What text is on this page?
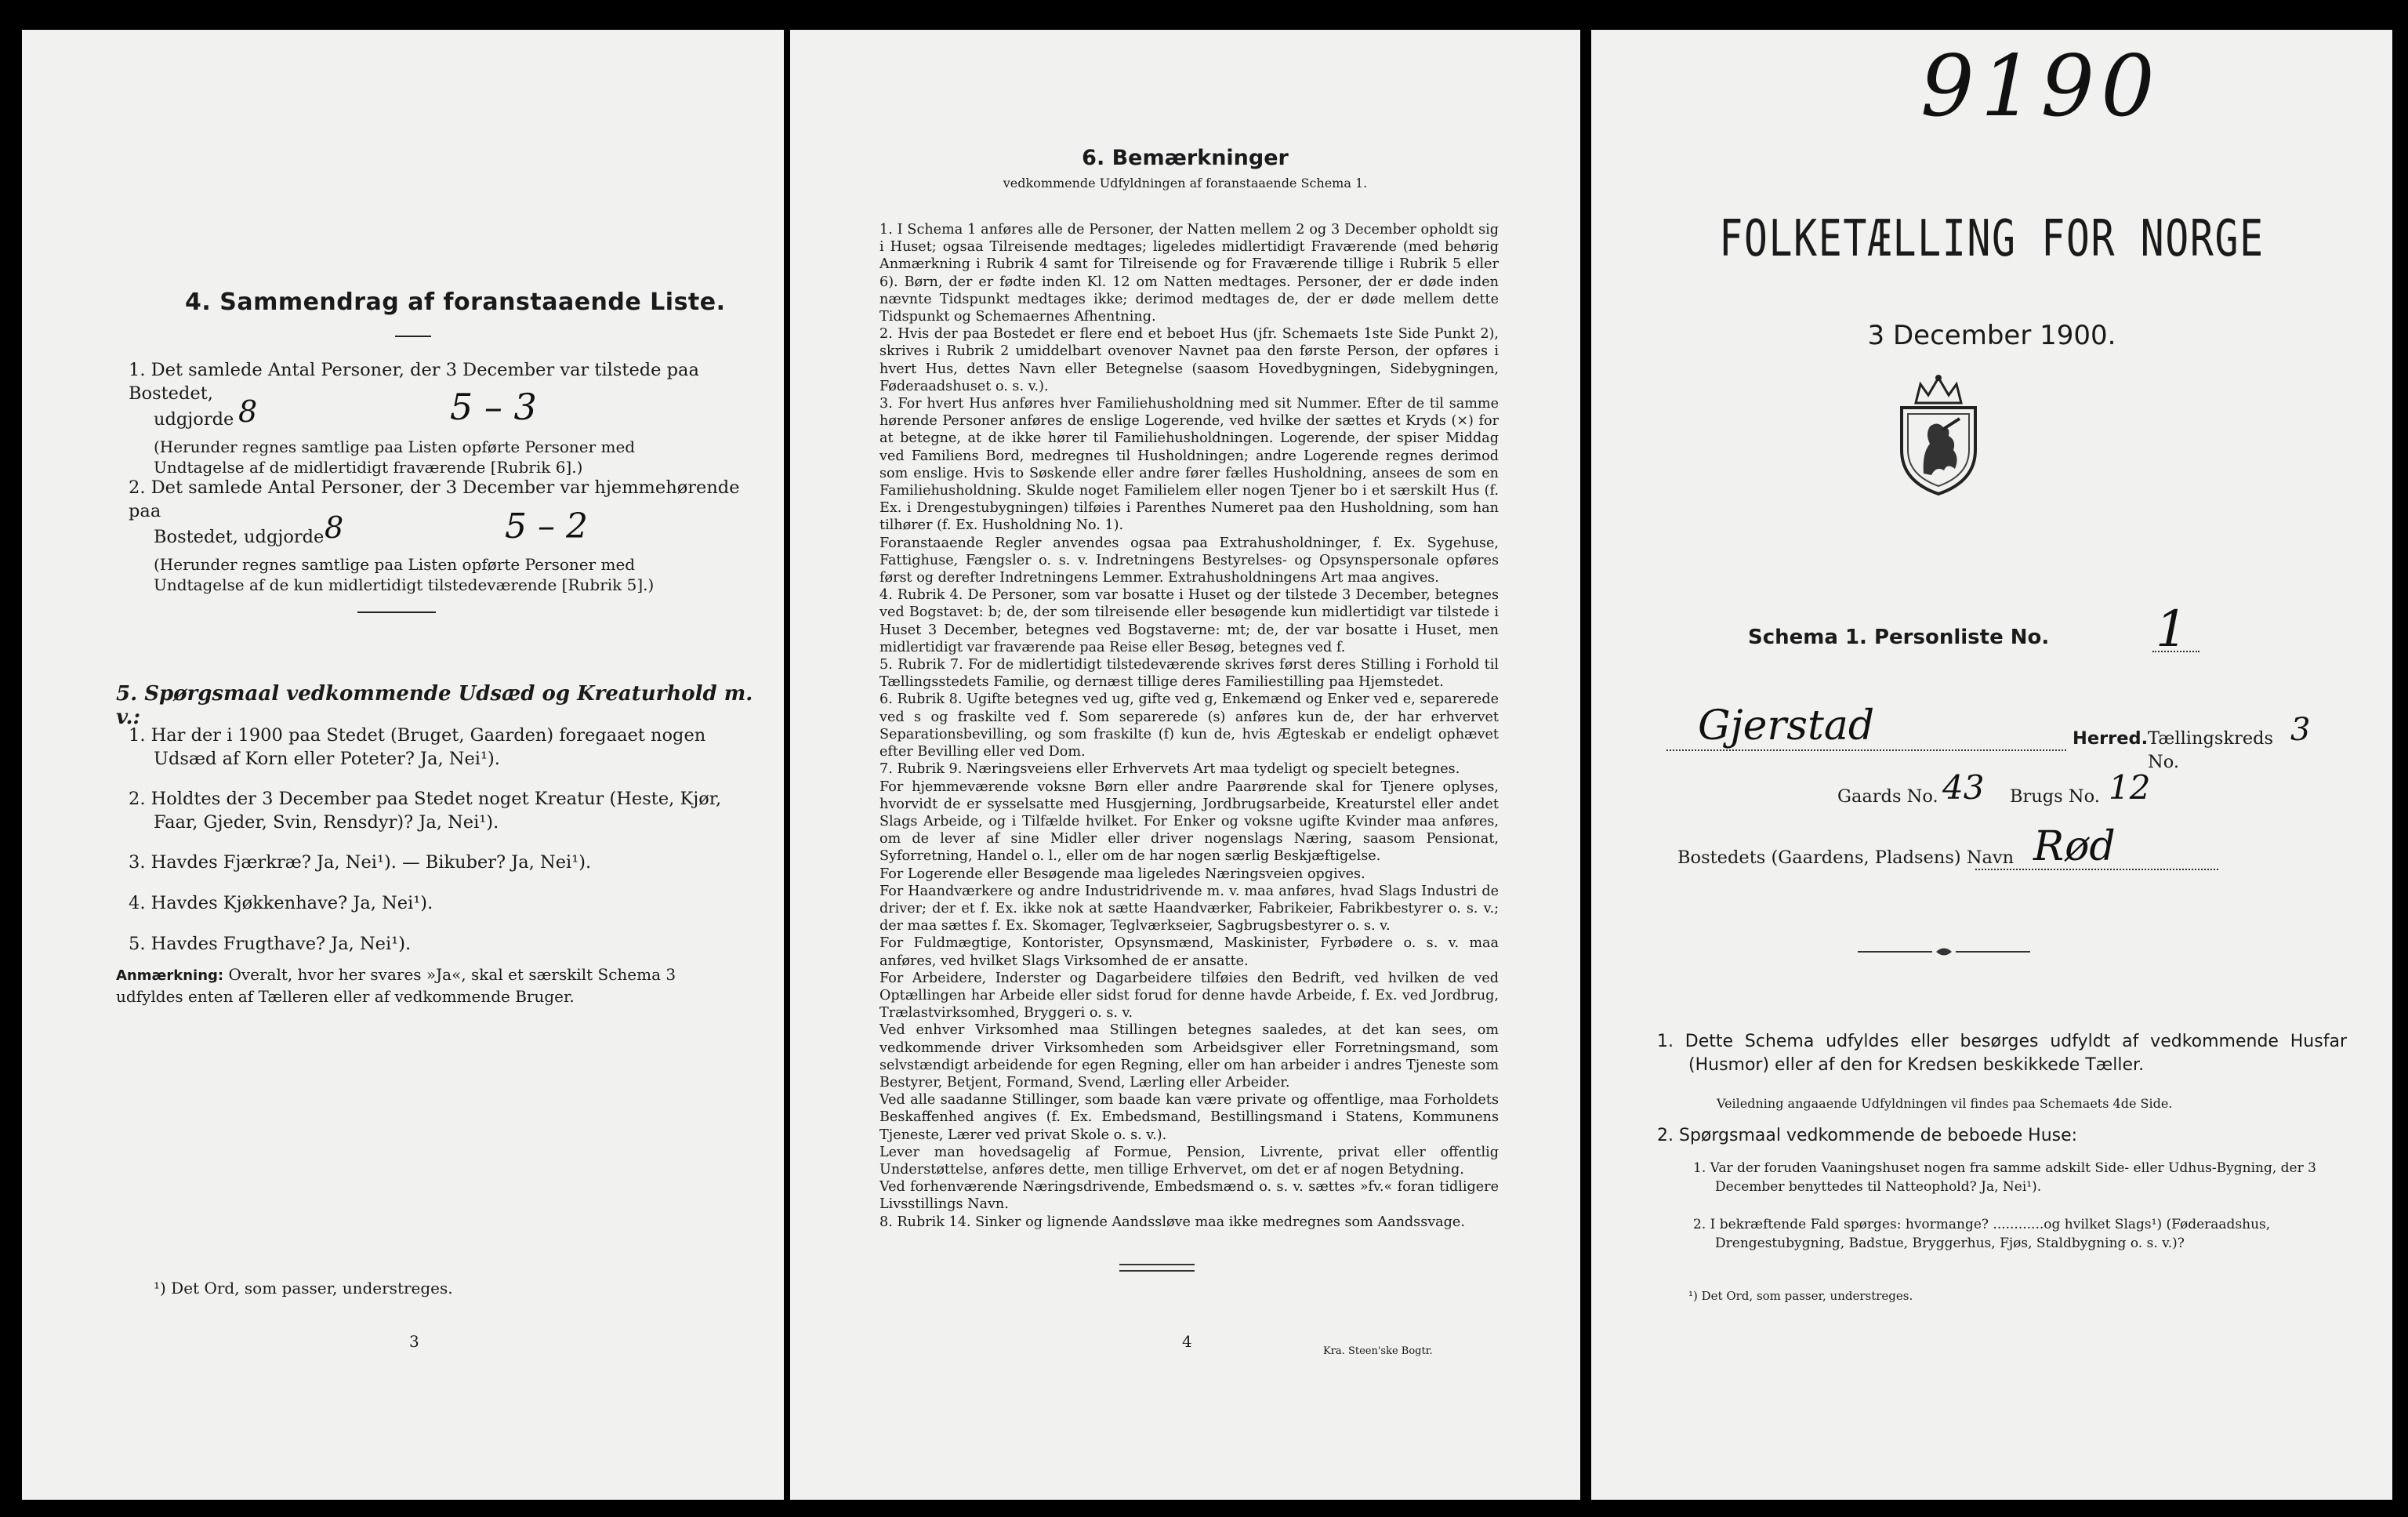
4. Sammendrag af foranstaaende Liste.
1. Det samlede Antal Personer, der 3 December var tilstede paa Bostedet,
udgjorde 8	5 – 3
(Herunder regnes samtlige paa Listen opførte Personer med Undtagelse af de midlertidigt fraværende [Rubrik 6].)
2. Det samlede Antal Personer, der 3 December var hjemmehørende paa
Bostedet, udgjorde 8	5 – 2
(Herunder regnes samtlige paa Listen opførte Personer med Undtagelse af de kun midlertidigt tilstedeværende [Rubrik 5].)
5. Spørgsmaal vedkommende Udsæd og Kreaturhold m. v.:
1. Har der i 1900 paa Stedet (Bruget, Gaarden) foregaaet nogen Udsæd af Korn eller Poteter? Ja, Nei¹).
2. Holdtes der 3 December paa Stedet noget Kreatur (Heste, Kjør, Faar, Gjeder, Svin, Rensdyr)? Ja, Nei¹).
3. Havdes Fjærkræ? Ja, Nei¹). — Bikuber? Ja, Nei¹).
4. Havdes Kjøkkenhave? Ja, Nei¹).
5. Havdes Frugthave? Ja, Nei¹).
Anmærkning: Overalt, hvor her svares »Ja«, skal et særskilt Schema 3 udfyldes enten af Tælleren eller af vedkommende Bruger.
¹) Det Ord, som passer, understreges.
3
6. Bemærkninger
vedkommende Udfyldningen af foranstaaende Schema 1.
1. I Schema 1 anføres alle de Personer, der Natten mellem 2 og 3 December opholdt sig i Huset; ogsaa Tilreisende medtages; ligeledes midlertidigt Fraværende (med behørig Anmærkning i Rubrik 4 samt for Tilreisende og for Fraværende tillige i Rubrik 5 eller 6). Børn, der er fødte inden Kl. 12 om Natten medtages. Personer, der er døde inden nævnte Tidspunkt medtages ikke; derimod medtages de, der er døde mellem dette Tidspunkt og Schemaernes Afhentning.
2. Hvis der paa Bostedet er flere end et beboet Hus (jfr. Schemaets 1ste Side Punkt 2), skrives i Rubrik 2 umiddelbart ovenover Navnet paa den første Person, der opføres i hvert Hus, dettes Navn eller Betegnelse (saasom Hovedbygningen, Sidebygningen, Føderaadshuset o. s. v.).
3. For hvert Hus anføres hver Familiehusholdning med sit Nummer. Efter de til samme hørende Personer anføres de enslige Logerende, ved hvilke der sættes et Kryds (×) for at betegne, at de ikke hører til Familiehusholdningen. Logerende, der spiser Middag ved Familiens Bord, medregnes til Husholdningen; andre Logerende regnes derimod som enslige. Hvis to Søskende eller andre fører fælles Husholdning, ansees de som en Familiehusholdning. Skulde noget Familielem eller nogen Tjener bo i et særskilt Hus (f. Ex. i Drengestubygningen) tilføies i Parenthes Numeret paa den Husholdning, som han tilhører (f. Ex. Husholdning No. 1).
Foranstaaende Regler anvendes ogsaa paa Extrahusholdninger, f. Ex. Sygehuse, Fattighuse, Fængsler o. s. v. Indretningens Bestyrelses- og Opsynspersonale opføres først og derefter Indretningens Lemmer. Extrahusholdningens Art maa angives.
4. Rubrik 4. De Personer, som var bosatte i Huset og der tilstede 3 December, betegnes ved Bogstavet: b; de, der som tilreisende eller besøgende kun midlertidigt var tilstede i Huset 3 December, betegnes ved Bogstaverne: mt; de, der var bosatte i Huset, men midlertidigt var fraværende paa Reise eller Besøg, betegnes ved f.
5. Rubrik 7. For de midlertidigt tilstedeværende skrives først deres Stilling i Forhold til Tællingsstedets Familie, og dernæst tillige deres Familiestilling paa Hjemstedet.
6. Rubrik 8. Ugifte betegnes ved ug, gifte ved g, Enkemænd og Enker ved e, separerede ved s og fraskilte ved f. Som separerede (s) anføres kun de, der har erhvervet Separationsbevilling, og som fraskilte (f) kun de, hvis Ægteskab er endeligt ophævet efter Bevilling eller ved Dom.
7. Rubrik 9. Næringsveiens eller Erhvervets Art maa tydeligt og specielt betegnes.
For hjemmeværende voksne Børn eller andre Paarørende skal for Tjenere oplyses, hvorvidt de er sysselsatte med Husgjerning, Jordbrugsarbeide, Kreaturstel eller andet Slags Arbeide, og i Tilfælde hvilket. For Enker og voksne ugifte Kvinder maa anføres, om de lever af sine Midler eller driver nogenslags Næring, saasom Pensionat, Syforretning, Handel o. l., eller om de har nogen særlig Beskjæftigelse.
For Logerende eller Besøgende maa ligeledes Næringsveien opgives.
For Haandværkere og andre Industridrivende m. v. maa anføres, hvad Slags Industri de driver; der et f. Ex. ikke nok at sætte Haandværker, Fabrikeier, Fabrikbestyrer o. s. v.; der maa sættes f. Ex. Skomager, Teglværkseier, Sagbrugsbestyrer o. s. v.
For Fuldmægtige, Kontorister, Opsynsmænd, Maskinister, Fyrbødere o. s. v. maa anføres, ved hvilket Slags Virksomhed de er ansatte.
For Arbeidere, Inderster og Dagarbeidere tilføies den Bedrift, ved hvilken de ved Optællingen har Arbeide eller sidst forud for denne havde Arbeide, f. Ex. ved Jordbrug, Trælastvirksomhed, Bryggeri o. s. v.
Ved enhver Virksomhed maa Stillingen betegnes saaledes, at det kan sees, om vedkommende driver Virksomheden som Arbeidsgiver eller Forretningsmand, som selvstændigt arbeidende for egen Regning, eller om han arbeider i andres Tjeneste som Bestyrer, Betjent, Formand, Svend, Lærling eller Arbeider.
Ved alle saadanne Stillinger, som baade kan være private og offentlige, maa Forholdets Beskaffenhed angives (f. Ex. Embedsmand, Bestillingsmand i Statens, Kommunens Tjeneste, Lærer ved privat Skole o. s. v.).
Lever man hovedsagelig af Formue, Pension, Livrente, privat eller offentlig Understøttelse, anføres dette, men tillige Erhvervet, om det er af nogen Betydning.
Ved forhenværende Næringsdrivende, Embedsmænd o. s. v. sættes »fv.« foran tidligere Livsstillings Navn.
8. Rubrik 14. Sinker og lignende Aandssløve maa ikke medregnes som Aandssvage.
4
Kra. Steen'ske Bogtr.
9190
FOLKETÆLLING FOR NORGE
3 December 1900.
Schema 1. Personliste No. 1
Gjerstad	Herred. Tællingskreds No.
3
Gaards No. 43 Brugs No. 12
Bostedets (Gaardens, Pladsens) Navn Rød
1. Dette Schema udfyldes eller besørges udfyldt af vedkommende Husfar (Husmor) eller af den for Kredsen beskikkede Tæller.
Veiledning angaaende Udfyldningen vil findes paa Schemaets 4de Side.
2. Spørgsmaal vedkommende de beboede Huse:
1. Var der foruden Vaaningshuset nogen fra samme adskilt Side- eller Udhus-Bygning, der 3 December benyttedes til Natteophold? Ja, Nei¹).
2. I bekræftende Fald spørges: hvormange? ............og hvilket Slags¹) (Føderaadshus, Drengestubygning, Badstue, Bryggerhus, Fjøs, Staldbygning o. s. v.)?
¹) Det Ord, som passer, understreges.
